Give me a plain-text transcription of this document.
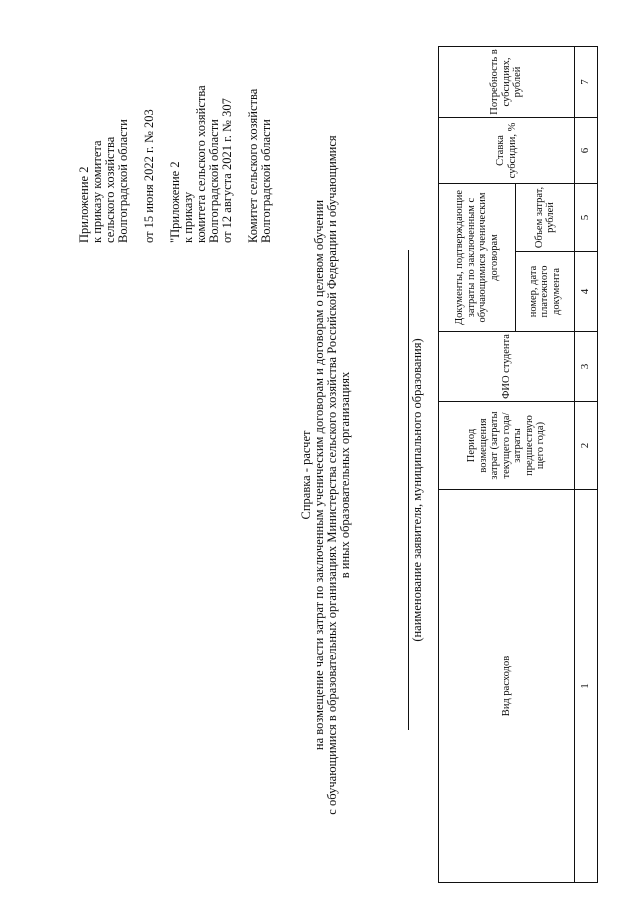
Приложение 2 к приказу комитета сельского хозяйства Волгоградской области от 15 июня 2022 г. № 203 "Приложение 2 к приказу комитета сельского хозяйства Волгоградской области от 12 августа 2021 г. № 307 Комитет сельского хозяйства Волгоградской области
Справка - расчет на возмещение части затрат по заключенным ученическим договорам и договорам о целевом обучении с обучающимися в образовательных организациях Министерства сельского хозяйства Российской Федерации и обучающимися в иных образовательных организациях	(наименование заявителя, муниципального образования)
Вид расходов	Период возмещения затрат (затраты текущего года/затраты предшествую щего года)	ФИО студента	Документы, подтверждающие затраты по заключенным с обучающимися ученическим договорам		Ставка субсидии, %	Потребность в субсидиях, рублей
			номер, дата платежного документа	Объем затрат, рублей		
1	2	3	4	5	6	7
